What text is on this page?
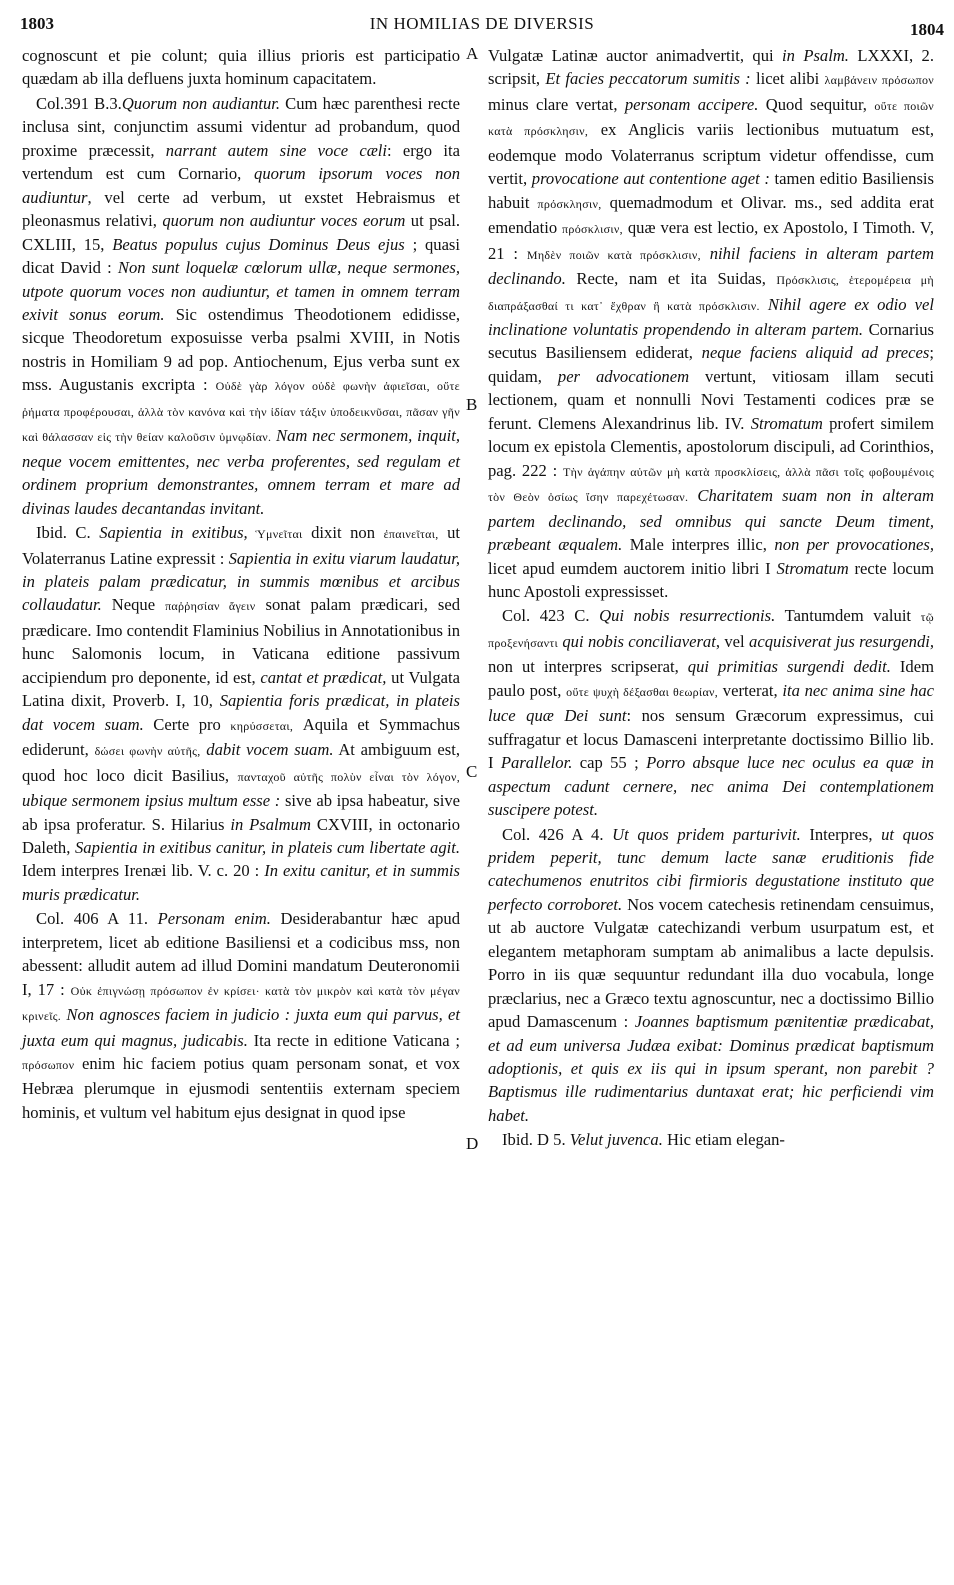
1803	IN HOMILIAS DE DIVERSIS	1804
A
B
C
D

cognoscunt et pie colunt; quia illius prioris est participatio quædam ab illa defluens juxta hominum capacitatem.

Col.391 B.3.Quorum non audiantur. Cum hæc parenthesi recte inclusa sint, conjunctim assumi videntur ad probandum, quod proxime præcessit, narrant autem sine voce cæli: ergo ita vertendum est cum Cornario, quorum ipsorum voces non audiuntur, vel certe ad verbum, ut exstet Hebraismus et pleonasmus relativi, quorum non audiuntur voces eorum ut psal. CXLIII, 15, Beatus populus cujus Dominus Deus ejus ; quasi dicat David : Non sunt loquelæ cœlorum ullæ, neque sermones, utpote quorum voces non audiuntur, et tamen in omnem terram exivit sonus eorum. Sic ostendimus Theodotionem edidisse, sicque Theodoretum exposuisse verba psalmi XVIII, in Notis nostris in Homiliam 9 ad pop. Antiochenum, Ejus verba sunt ex mss. Augustanis excripta : Οὐδὲ γὰρ λόγον οὐδὲ φωνὴν ἀφιεῖσαι, οὔτε ῥήματα προφέρουσαι, ἀλλὰ τὸν κανόνα καὶ τὴν ἰδίαν τάξιν ὑποδεικνῦσαι, πᾶσαν γῆν καὶ θάλασσαν εἰς τὴν θείαν καλοῦσιν ὑμνῳδίαν. Nam nec sermonem, inquit, neque vocem emittentes, nec verba proferentes, sed regulam et ordinem proprium demonstrantes, omnem terram et mare ad divinas laudes decantandas invitant.

Ibid. C. Sapientia in exitibus, Ὑμνεῖται dixit non ἐπαινεῖται, ut Volaterranus Latine expressit : Sapientia in exitu viarum laudatur, in plateis palam prædicatur, in summis mœnibus et arcibus collaudatur. Neque παῤῥησίαν ἄγειν sonat palam prædicari, sed prædicare. Imo contendit Flaminius Nobilius in Annotationibus in hunc Salomonis locum, in Vaticana editione passivum accipiendum pro deponente, id est, cantat et prædicat, ut Vulgata Latina dixit, Proverb. I, 10, Sapientia foris prædicat, in plateis dat vocem suam. Certe pro κηρύσσεται, Aquila et Symmachus ediderunt, δώσει φωνὴν αὐτῆς, dabit vocem suam. At ambiguum est, quod hoc loco dicit Basilius, πανταχοῦ αὐτῆς πολὺν εἶναι τὸν λόγον, ubique sermonem ipsius multum esse : sive ab ipsa habeatur, sive ab ipsa proferatur. S. Hilarius in Psalmum CXVIII, in octonario Daleth, Sapientia in exitibus canitur, in plateis cum libertate agit. Idem interpres Irenæi lib. V. c. 20 : In exitu canitur, et in summis muris prædicatur.

Col. 406 A 11. Personam enim. Desiderabantur hæc apud interpretem, licet ab editione Basiliensi et a codicibus mss, non abessent: alludit autem ad illud Domini mandatum Deuteronomii I, 17 : Οὐκ ἐπιγνώσῃ πρόσωπον ἐν κρίσει· κατὰ τὸν μικρὸν καὶ κατὰ τὸν μέγαν κρινεῖς. Non agnosces faciem in judicio : juxta eum qui parvus, et juxta eum qui magnus, judicabis. Ita recte in editione Vaticana ; πρόσωπον enim hic faciem potius quam personam sonat, et vox Hebræa plerumque in ejusmodi sententiis externam speciem hominis, et vultum vel habitum ejus designat in quod ipse

Vulgatæ Latinæ auctor animadvertit, qui in Psalm. LXXXI, 2. scripsit, Et facies peccatorum sumitis : licet alibi λαμβάνειν πρόσωπον minus clare vertat, personam accipere. Quod sequitur, οὔτε ποιῶν κατὰ πρόσκλησιν, ex Anglicis variis lectionibus mutuatum est, eodemque modo Volaterranus scriptum videtur offendisse, cum vertit, provocatione aut contentione aget : tamen editio Basiliensis habuit πρόσκλησιν, quemadmodum et Olivar. ms., sed addita erat emendatio πρόσκλισιν, quæ vera est lectio, ex Apostolo, I Timoth. V, 21 : Μηδὲν ποιῶν κατὰ πρόσκλισιν, nihil faciens in alteram partem declinando. Recte, nam et ita Suidas, Πρόσκλισις, ἑτερομέρεια μὴ διαπράξασθαί τι κατ᾽ ἔχθραν ἢ κατὰ πρόσκλισιν. Nihil agere ex odio vel inclinatione voluntatis propendendo in alteram partem. Cornarius secutus Basiliensem ediderat, neque faciens aliquid ad preces; quidam, per advocationem vertunt, vitiosam illam secuti lectionem, quam et nonnulli Novi Testamenti codices præ se ferunt. Clemens Alexandrinus lib. IV. Stromatum profert similem locum ex epistola Clementis, apostolorum discipuli, ad Corinthios, pag. 222 : Τὴν ἀγάπην αὐτῶν μὴ κατὰ προσκλίσεις, ἀλλὰ πᾶσι τοῖς φοβουμένοις τὸν Θεὸν ὁσίως ἴσην παρεχέτωσαν. Charitatem suam non in alteram partem declinando, sed omnibus qui sancte Deum timent, præbeant æqualem. Male interpres illic, non per provocationes, licet apud eumdem auctorem initio libri I Stromatum recte locum hunc Apostoli expressisset.

Col. 423 C. Qui nobis resurrectionis. Tantumdem valuit τῷ προξενήσαντι qui nobis conciliaverat, vel acquisiverat jus resurgendi, non ut interpres scripserat, qui primitias surgendi dedit. Idem paulo post, οὔτε ψυχὴ δέξασθαι θεωρίαν, verterat, ita nec anima sine hac luce quæ Dei sunt: nos sensum Græcorum expressimus, cui suffragatur et locus Damasceni interpretante doctissimo Billio lib. I Parallelor. cap 55 ; Porro absque luce nec oculus ea quæ in aspectum cadunt cernere, nec anima Dei contemplationem suscipere potest.

Col. 426 A 4. Ut quos pridem parturivit. Interpres, ut quos pridem peperit, tunc demum lacte sanæ eruditionis fide catechumenos enutritos cibi firmioris degustatione instituto que perfecto corroboret. Nos vocem catechesis retinendam censuimus, ut ab auctore Vulgatæ catechizandi verbum usurpatum est, et elegantem metaphoram sumptam ab animalibus a lacte depulsis. Porro in iis quæ sequuntur redundant illa duo vocabula, longe præclarius, nec a Græco textu agnoscuntur, nec a doctissimo Billio apud Damascenum : Joannes baptismum pænitentiæ prædicabat, et ad eum universa Judæa exibat: Dominus prædicat baptismum adoptionis, et quis ex iis qui in ipsum sperant, non parebit ? Baptismus ille rudimentarius duntaxat erat; hic perficiendi vim habet.

Ibid. D 5. Velut juvenca. Hic etiam elegan-
